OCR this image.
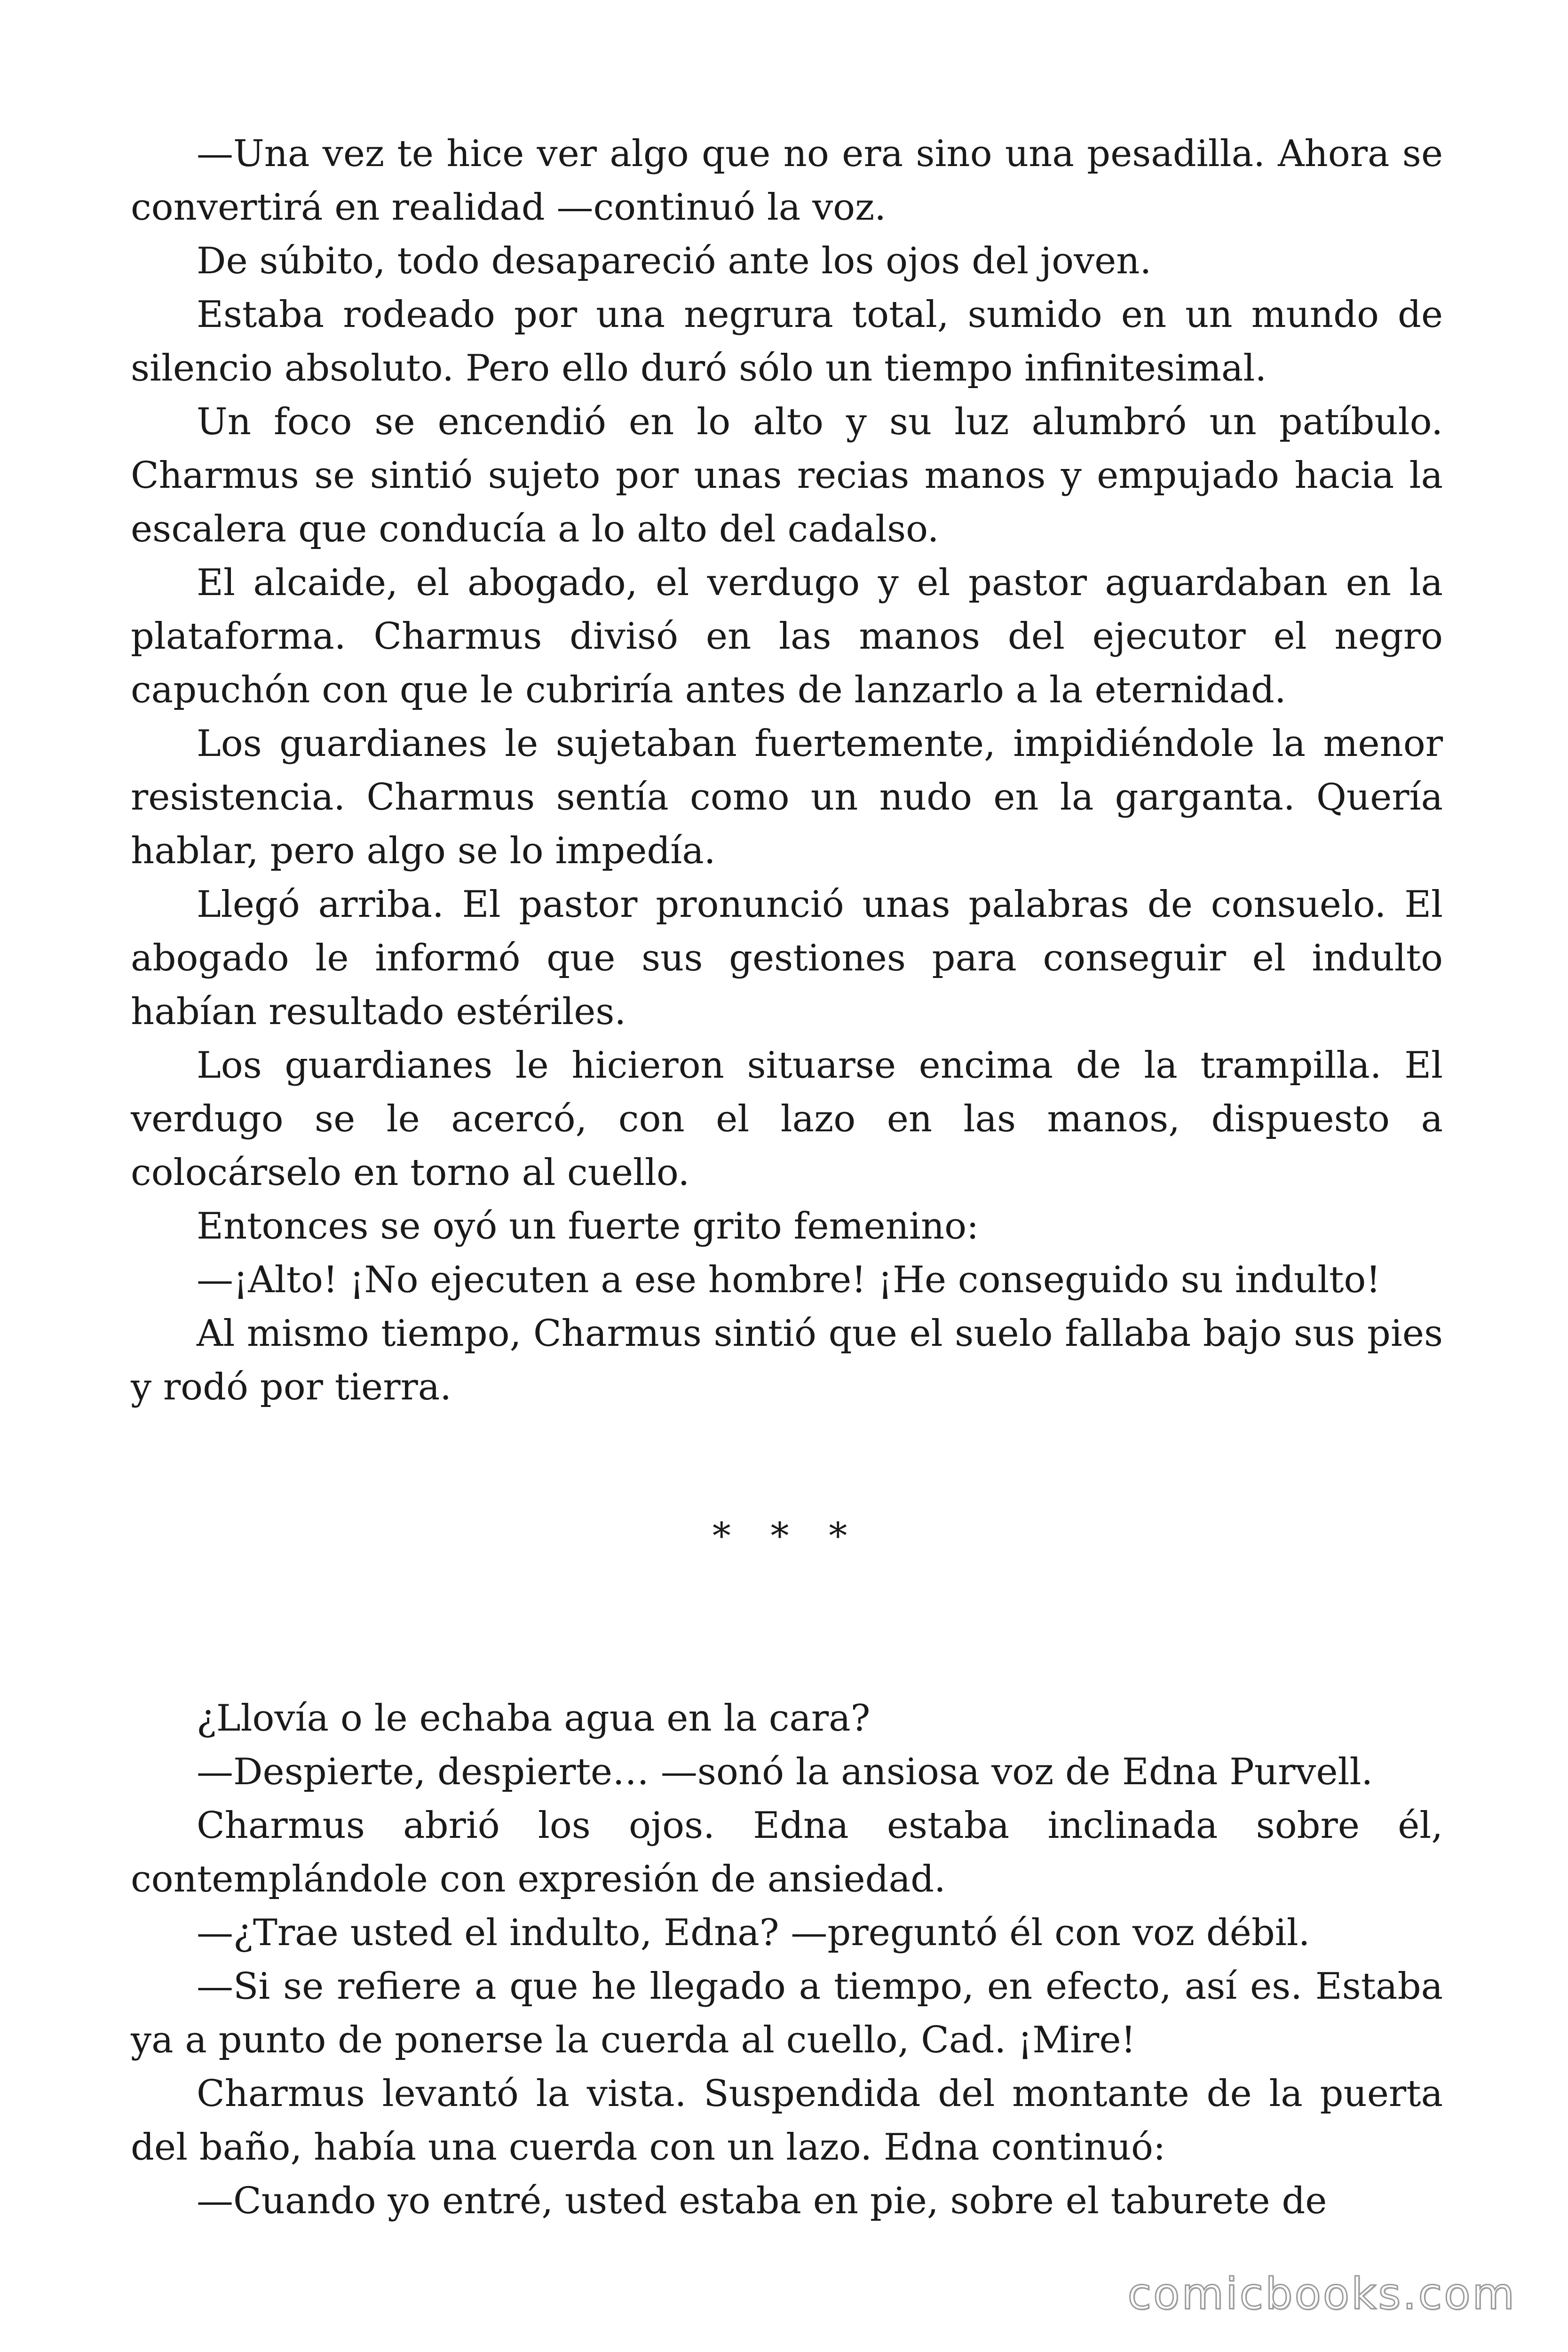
—Una vez te hice ver algo que no era sino una pesadilla. Ahora se convertirá en realidad —continuó la voz.

De súbito, todo desapareció ante los ojos del joven.

Estaba rodeado por una negrura total, sumido en un mundo de silencio absoluto. Pero ello duró sólo un tiempo infinitesimal.

Un foco se encendió en lo alto y su luz alumbró un patíbulo. Charmus se sintió sujeto por unas recias manos y empujado hacia la escalera que conducía a lo alto del cadalso.

El alcaide, el abogado, el verdugo y el pastor aguardaban en la plataforma. Charmus divisó en las manos del ejecutor el negro capuchón con que le cubriría antes de lanzarlo a la eternidad.

Los guardianes le sujetaban fuertemente, impidiéndole la menor resistencia. Charmus sentía como un nudo en la garganta. Quería hablar, pero algo se lo impedía.

Llegó arriba. El pastor pronunció unas palabras de consuelo. El abogado le informó que sus gestiones para conseguir el indulto habían resultado estériles.

Los guardianes le hicieron situarse encima de la trampilla. El verdugo se le acercó, con el lazo en las manos, dispuesto a colocárselo en torno al cuello.

Entonces se oyó un fuerte grito femenino:

—¡Alto! ¡No ejecuten a ese hombre! ¡He conseguido su indulto!

Al mismo tiempo, Charmus sintió que el suelo fallaba bajo sus pies y rodó por tierra.

* * *

¿Llovía o le echaba agua en la cara?

—Despierte, despierte… —sonó la ansiosa voz de Edna Purvell.

Charmus abrió los ojos. Edna estaba inclinada sobre él, contemplándole con expresión de ansiedad.

—¿Trae usted el indulto, Edna? —preguntó él con voz débil.

—Si se refiere a que he llegado a tiempo, en efecto, así es. Estaba ya a punto de ponerse la cuerda al cuello, Cad. ¡Mire!

Charmus levantó la vista. Suspendida del montante de la puerta del baño, había una cuerda con un lazo. Edna continuó:

—Cuando yo entré, usted estaba en pie, sobre el taburete de

comicbooks.com
